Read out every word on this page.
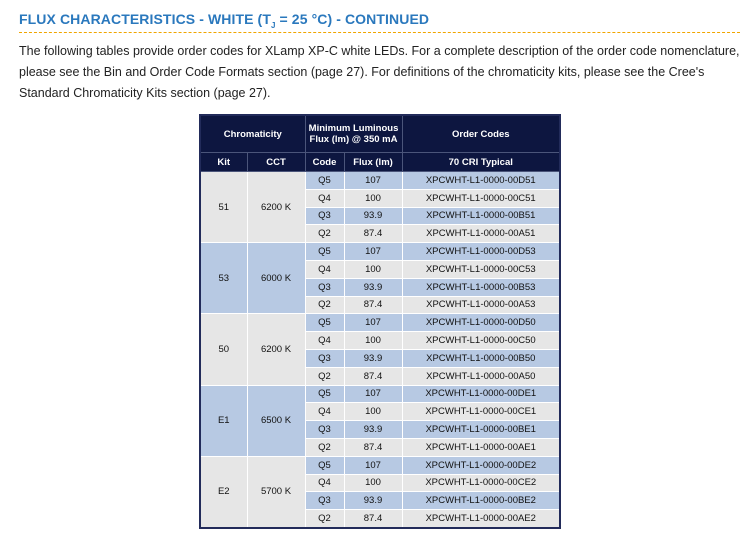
FLUX CHARACTERISTICS - WHITE ($T_J = 25$ °C) - CONTINUED
The following tables provide order codes for XLamp XP-C white LEDs. For a complete description of the order code nomenclature, please see the Bin and Order Code Formats section (page 27). For definitions of the chromaticity kits, please see the Cree's Standard Chromaticity Kits section (page 27).
Chromaticity		Minimum Luminous Flux (lm) @ 350 mA		Order Codes
Kit	CCT	Code	Flux (lm)	70 CRI Typical
51	6200 K	Q5	107	XPCWHT-L1-0000-00D51
		Q4	100	XPCWHT-L1-0000-00C51
		Q3	93.9	XPCWHT-L1-0000-00B51
		Q2	87.4	XPCWHT-L1-0000-00A51
53	6000 K	Q5	107	XPCWHT-L1-0000-00D53
		Q4	100	XPCWHT-L1-0000-00C53
		Q3	93.9	XPCWHT-L1-0000-00B53
		Q2	87.4	XPCWHT-L1-0000-00A53
50	6200 K	Q5	107	XPCWHT-L1-0000-00D50
		Q4	100	XPCWHT-L1-0000-00C50
		Q3	93.9	XPCWHT-L1-0000-00B50
		Q2	87.4	XPCWHT-L1-0000-00A50
E1	6500 K	Q5	107	XPCWHT-L1-0000-00DE1
		Q4	100	XPCWHT-L1-0000-00CE1
		Q3	93.9	XPCWHT-L1-0000-00BE1
		Q2	87.4	XPCWHT-L1-0000-00AE1
E2	5700 K	Q5	107	XPCWHT-L1-0000-00DE2
		Q4	100	XPCWHT-L1-0000-00CE2
		Q3	93.9	XPCWHT-L1-0000-00BE2
		Q2	87.4	XPCWHT-L1-0000-00AE2
